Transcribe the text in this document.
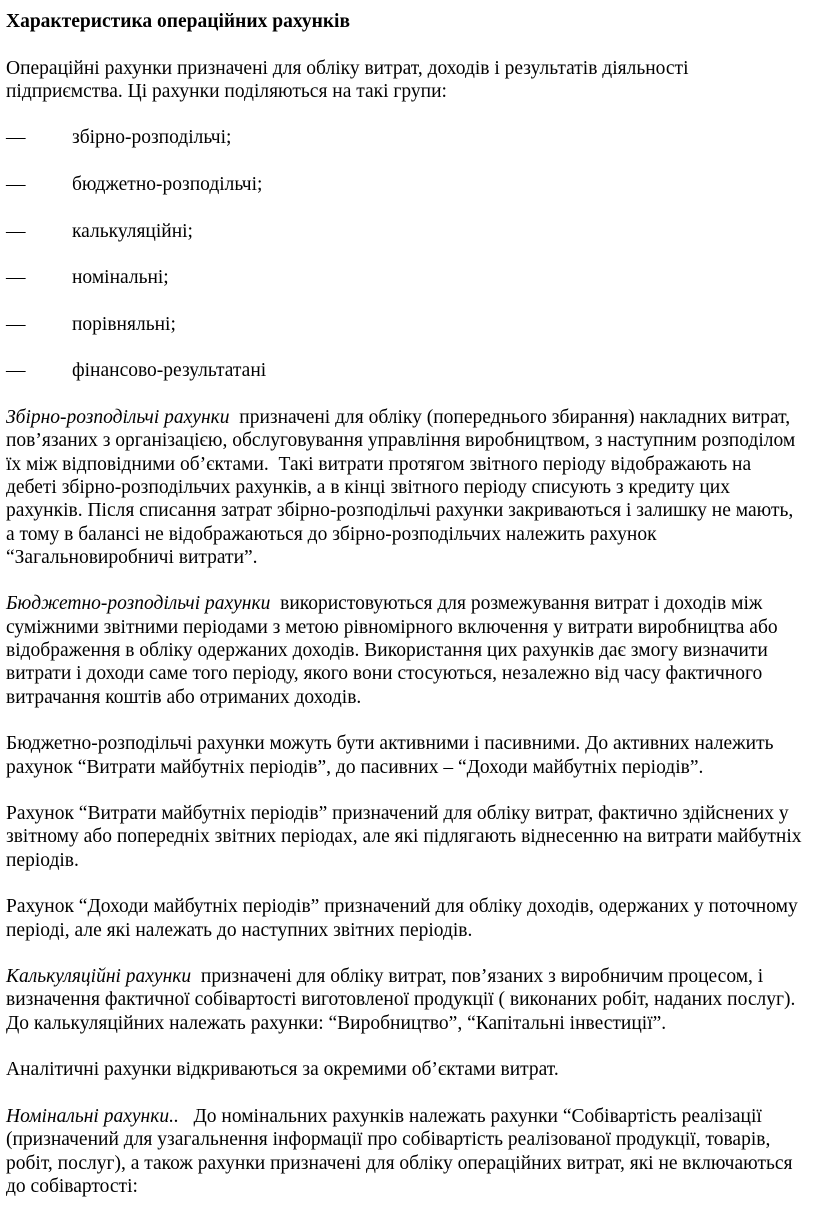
Характеристика операційних рахунків

Операційні рахунки призначені для обліку витрат, доходів і результатів діяльності підприємства. Ці рахунки поділяються на такі групи:

—	збірно-розподільчі;
—	бюджетно-розподільчі;
—	калькуляційні;
—	номінальні;
—	порівняльні;
—	фінансово-результатані

Збірно-розподільчі рахунки  призначені для обліку (попереднього збирання) накладних витрат, пов’язаних з організацією, обслуговування управління виробництвом, з наступним розподілом їх між відповідними об’єктами.  Такі витрати протягом звітного періоду відображають на дебеті збірно-розподільчих рахунків, а в кінці звітного періоду списують з кредиту цих рахунків. Після списання затрат збірно-розподільчі рахунки закриваються і залишку не мають, а тому в балансі не відображаються до збірно-розподільчих належить рахунок “Загальновиробничі витрати”.

Бюджетно-розподільчі рахунки  використовуються для розмежування витрат і доходів між суміжними звітними періодами з метою рівномірного включення у витрати виробництва або  відображення в обліку одержаних доходів. Використання цих рахунків дає змогу визначити витрати і доходи саме того періоду, якого вони стосуються, незалежно від часу фактичного витрачання коштів або отриманих доходів.

Бюджетно-розподільчі рахунки можуть бути активними і пасивними. До активних належить рахунок “Витрати майбутніх періодів”, до пасивних – “Доходи майбутніх періодів”.

Рахунок “Витрати майбутніх періодів” призначений для обліку витрат, фактично здійснених у звітному або попередніх звітних періодах, але які підлягають віднесенню на витрати майбутніх періодів.

Рахунок “Доходи майбутніх періодів” призначений для обліку доходів, одержаних у поточному періоді, але які належать до наступних звітних періодів.

Калькуляційні рахунки  призначені для обліку витрат, пов’язаних з виробничим процесом, і визначення фактичної собівартості виготовленої продукції ( виконаних робіт, наданих послуг). До калькуляційних належать рахунки: “Виробництво”, “Капітальні інвестиції”.

Аналітичні рахунки відкриваються за окремими об’єктами витрат.

Номінальні рахунки..   До номінальних рахунків належать рахунки “Собівартість реалізації (призначений для узагальнення інформації про собівартість реалізованої продукції, товарів, робіт, послуг), а також рахунки призначені для обліку операційних витрат, які не включаються до собівартості:
